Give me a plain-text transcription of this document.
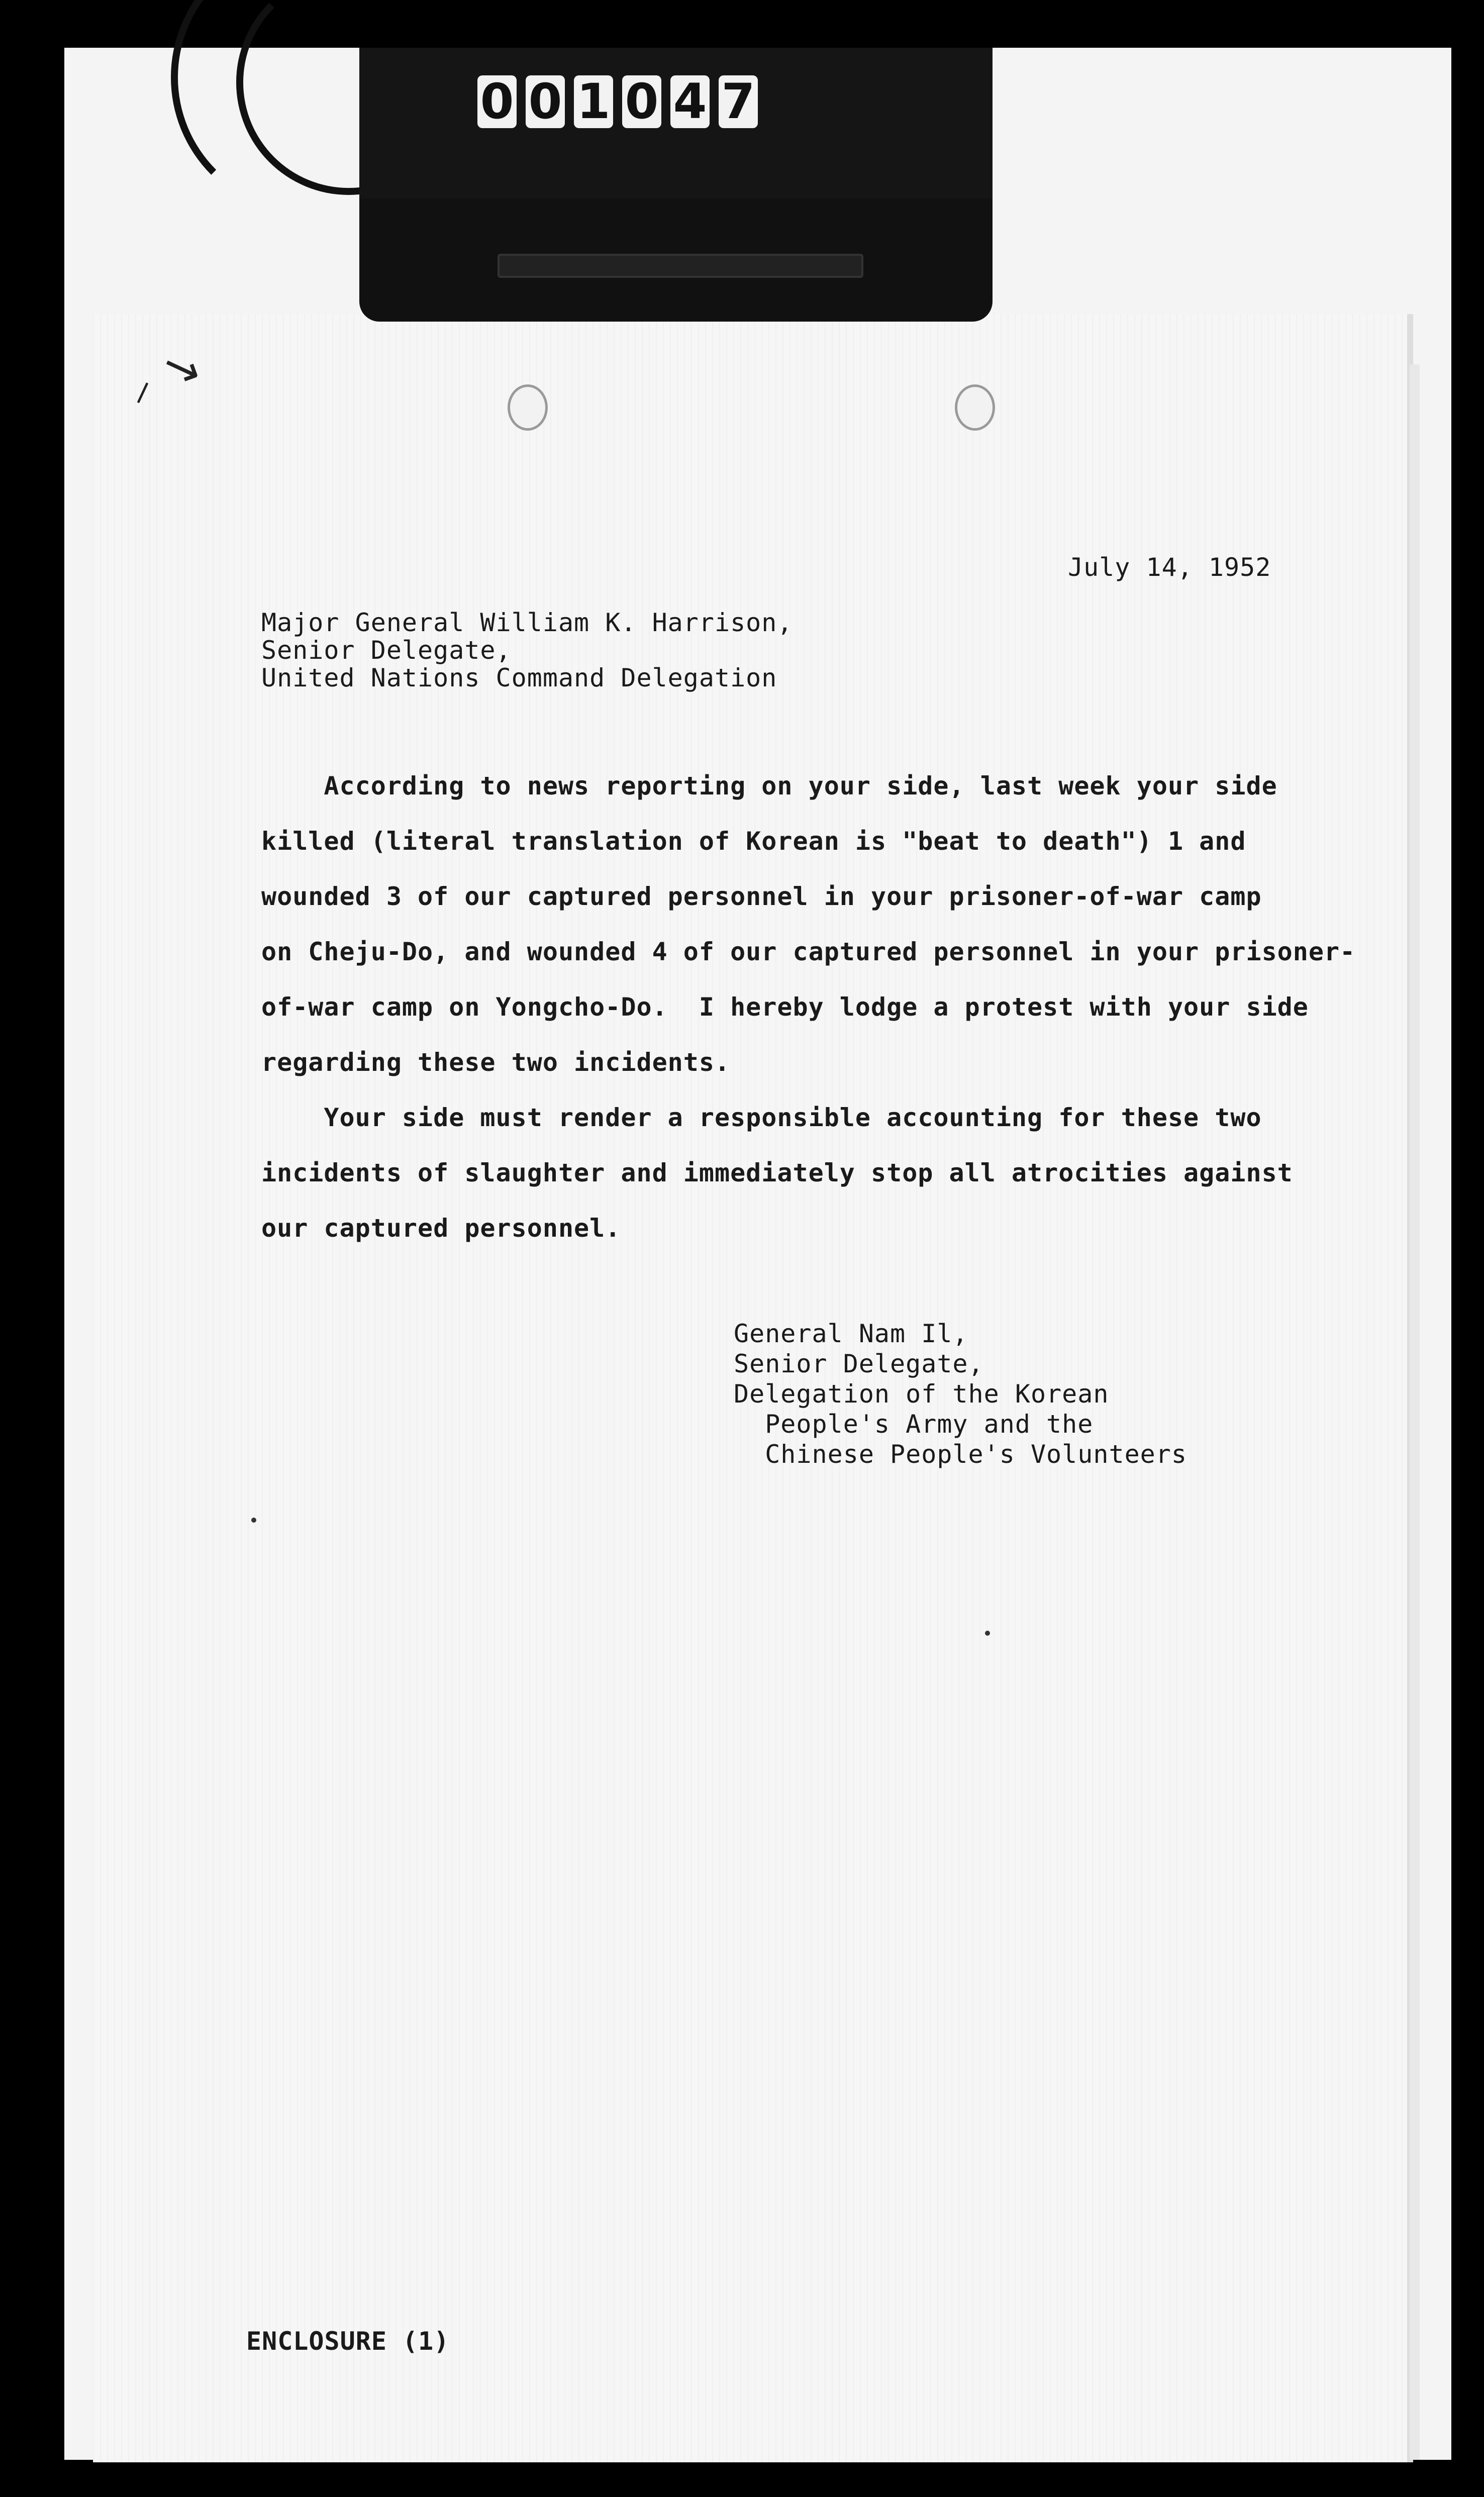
0 0 1 0 4 7
⸝ ↘
July 14, 1952
Major General William K. Harrison,
Senior Delegate,
United Nations Command Delegation
According to news reporting on your side, last week your side
killed (literal translation of Korean is "beat to death") 1 and
wounded 3 of our captured personnel in your prisoner-of-war camp
on Cheju-Do, and wounded 4 of our captured personnel in your prisoner-
of-war camp on Yongcho-Do.  I hereby lodge a protest with your side
regarding these two incidents.
Your side must render a responsible accounting for these two
incidents of slaughter and immediately stop all atrocities against
our captured personnel.
General Nam Il,
Senior Delegate,
Delegation of the Korean
People's Army and the
Chinese People's Volunteers
ENCLOSURE (1)
